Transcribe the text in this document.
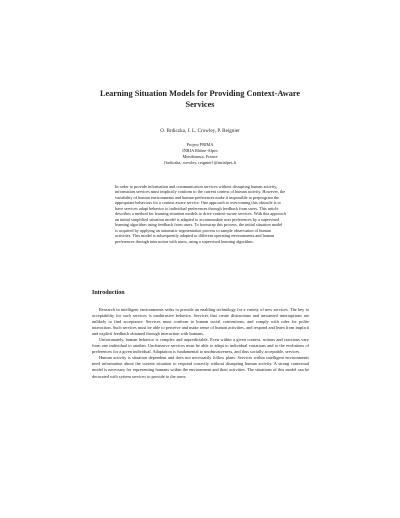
Learning Situation Models for Providing Context-Aware Services
O. Brdiczka, J. L. Crowley, P. Reignier
Project PRIMA
INRIA Rhône-Alpes
Montbonnot, France
{brdiczka, crowley, reignier}@inrialpes.fr

In order to provide information and communication services without disrupting human activity, information services must implicitly conform to the current context of human activity. However, the variability of human environments and human preferences make it impossible to preprogram the appropriate behaviors for a context aware service. One approach to overcoming this obstacle is to have services adapt behavior to individual preferences through feedback from users. This article describes a method for learning situation models to drive context-aware services. With this approach an initial simplified situation model is adapted to accommodate user preferences by a supervised learning algorithm using feedback from users. To bootstrap this process, the initial situation model is acquired by applying an automatic segmentation process to sample observation of human activities. This model is subsequently adapted to different operating environments and human preferences through interaction with users, using a supervised learning algorithm.

Introduction

Research in intelligent environments seeks to provide an enabling technology for a variety of new services. The key to acceptability for such services is unobtrusive behavior. Services that create distractions and unwanted interruptions are unlikely to find acceptance. Services must conform to human social conventions, and comply with rules for polite interaction. Such services must be able to perceive and make sense of human activities, and respond and learn from implicit and explicit feedback obtained through interaction with humans.

Unfortunately, human behavior is complex and unpredictable. Even within a given context, actions and reactions vary from one individual to another. Unobtrusive services must be able to adapt to individual variations and to the evolutions of preferences for a given individual. Adaptation is fundamental to unobtrusiveness, and thus socially acceptable, services.

Human activity is situation dependent and does not necessarily follow plans. Services within intelligent environments need information about the current situation to respond correctly without disrupting human activity. A strong contextual model is necessary for representing humans within the environment and their activities. The situations of this model can be decorated with system services to provide to the users
